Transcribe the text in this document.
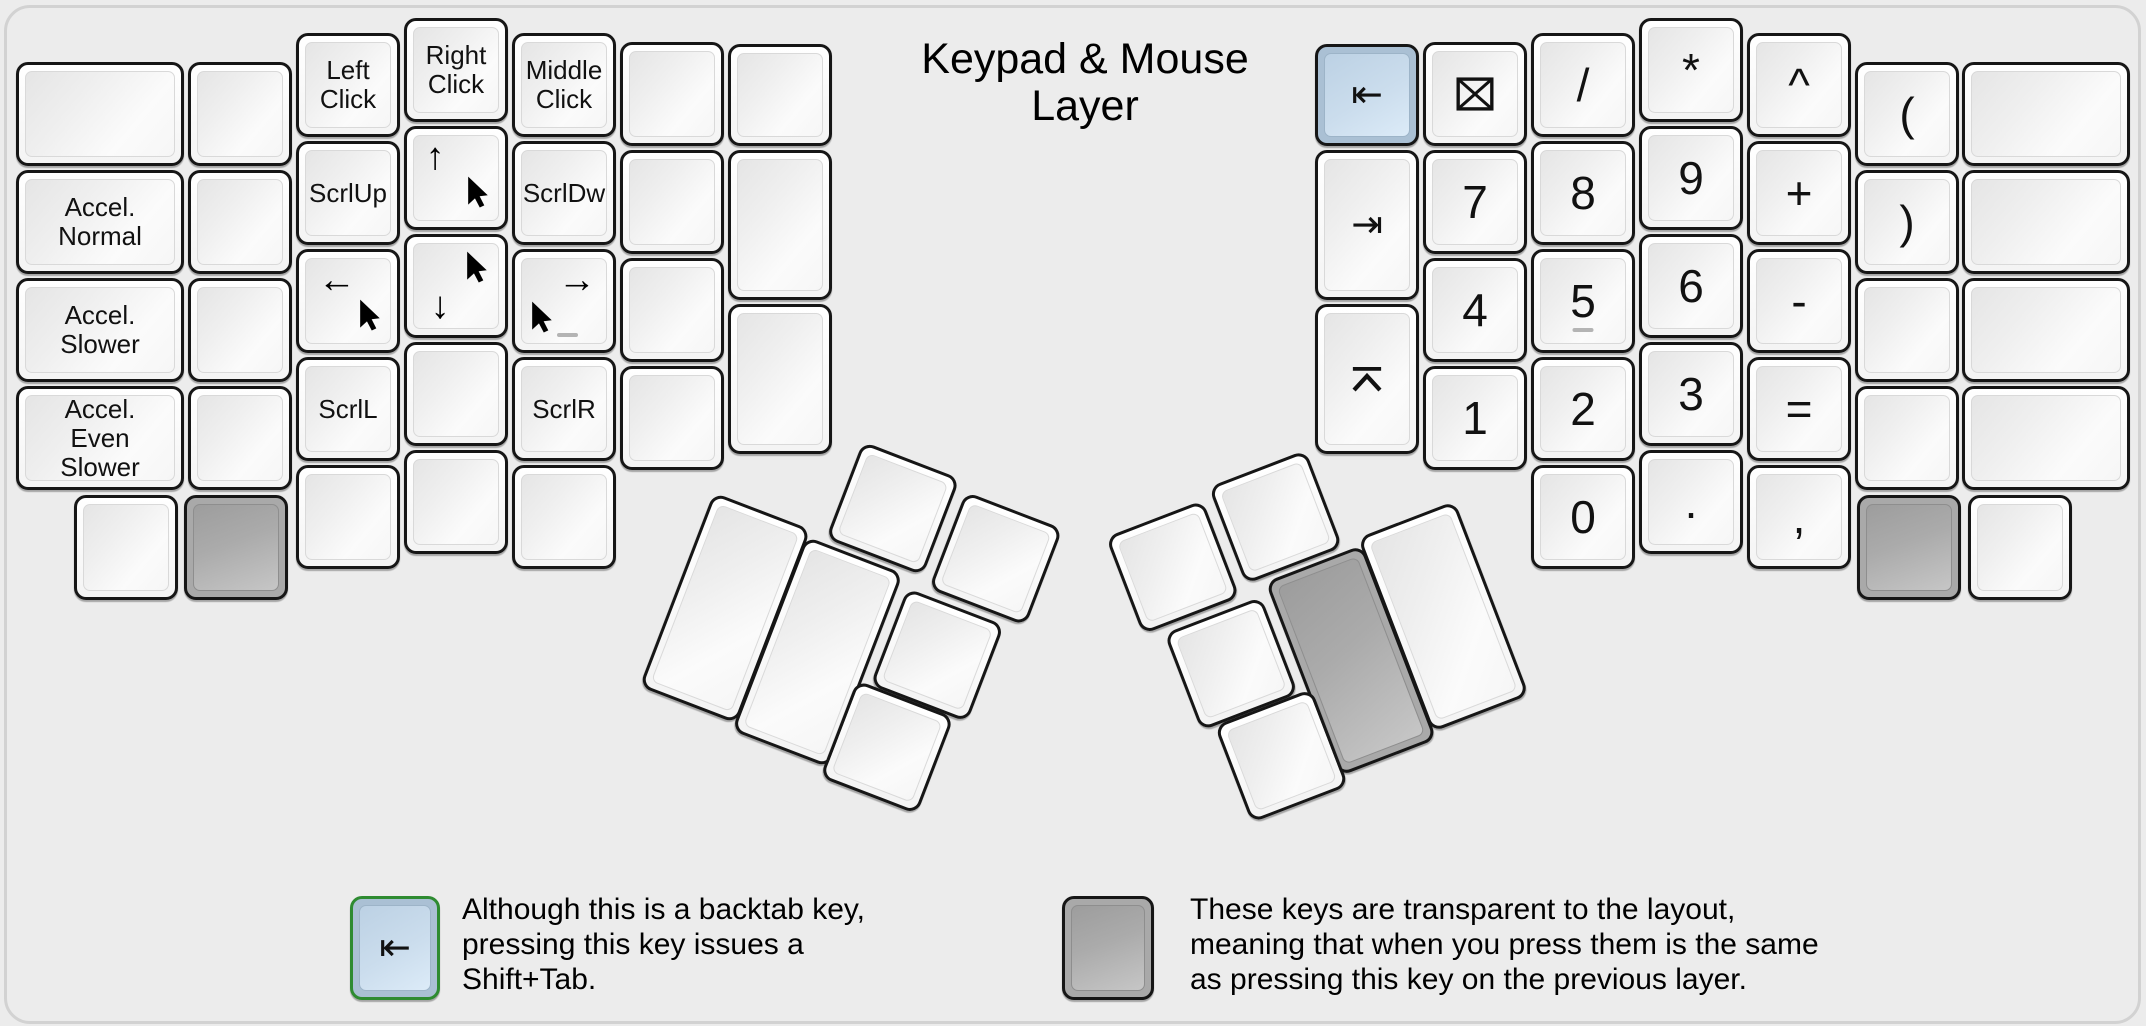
Keypad & Mouse
Layer
Accel.
Normal
Accel.
Slower
Accel.
Even
Slower
Left
Click
ScrlUp
←
ScrlL
Right
Click
↑
↓
Middle
Click
ScrlDw
→
ScrlR
⇤
⇥ 7
4
1
/
8
5
2
0
*
9
6
3
.
^
+
-
=
,
(
)
⇤
Although this is a backtab key,
pressing this key issues a
Shift+Tab.
These keys are transparent to the layout,
meaning that when you press them is the same
as pressing this key on the previous layer.
